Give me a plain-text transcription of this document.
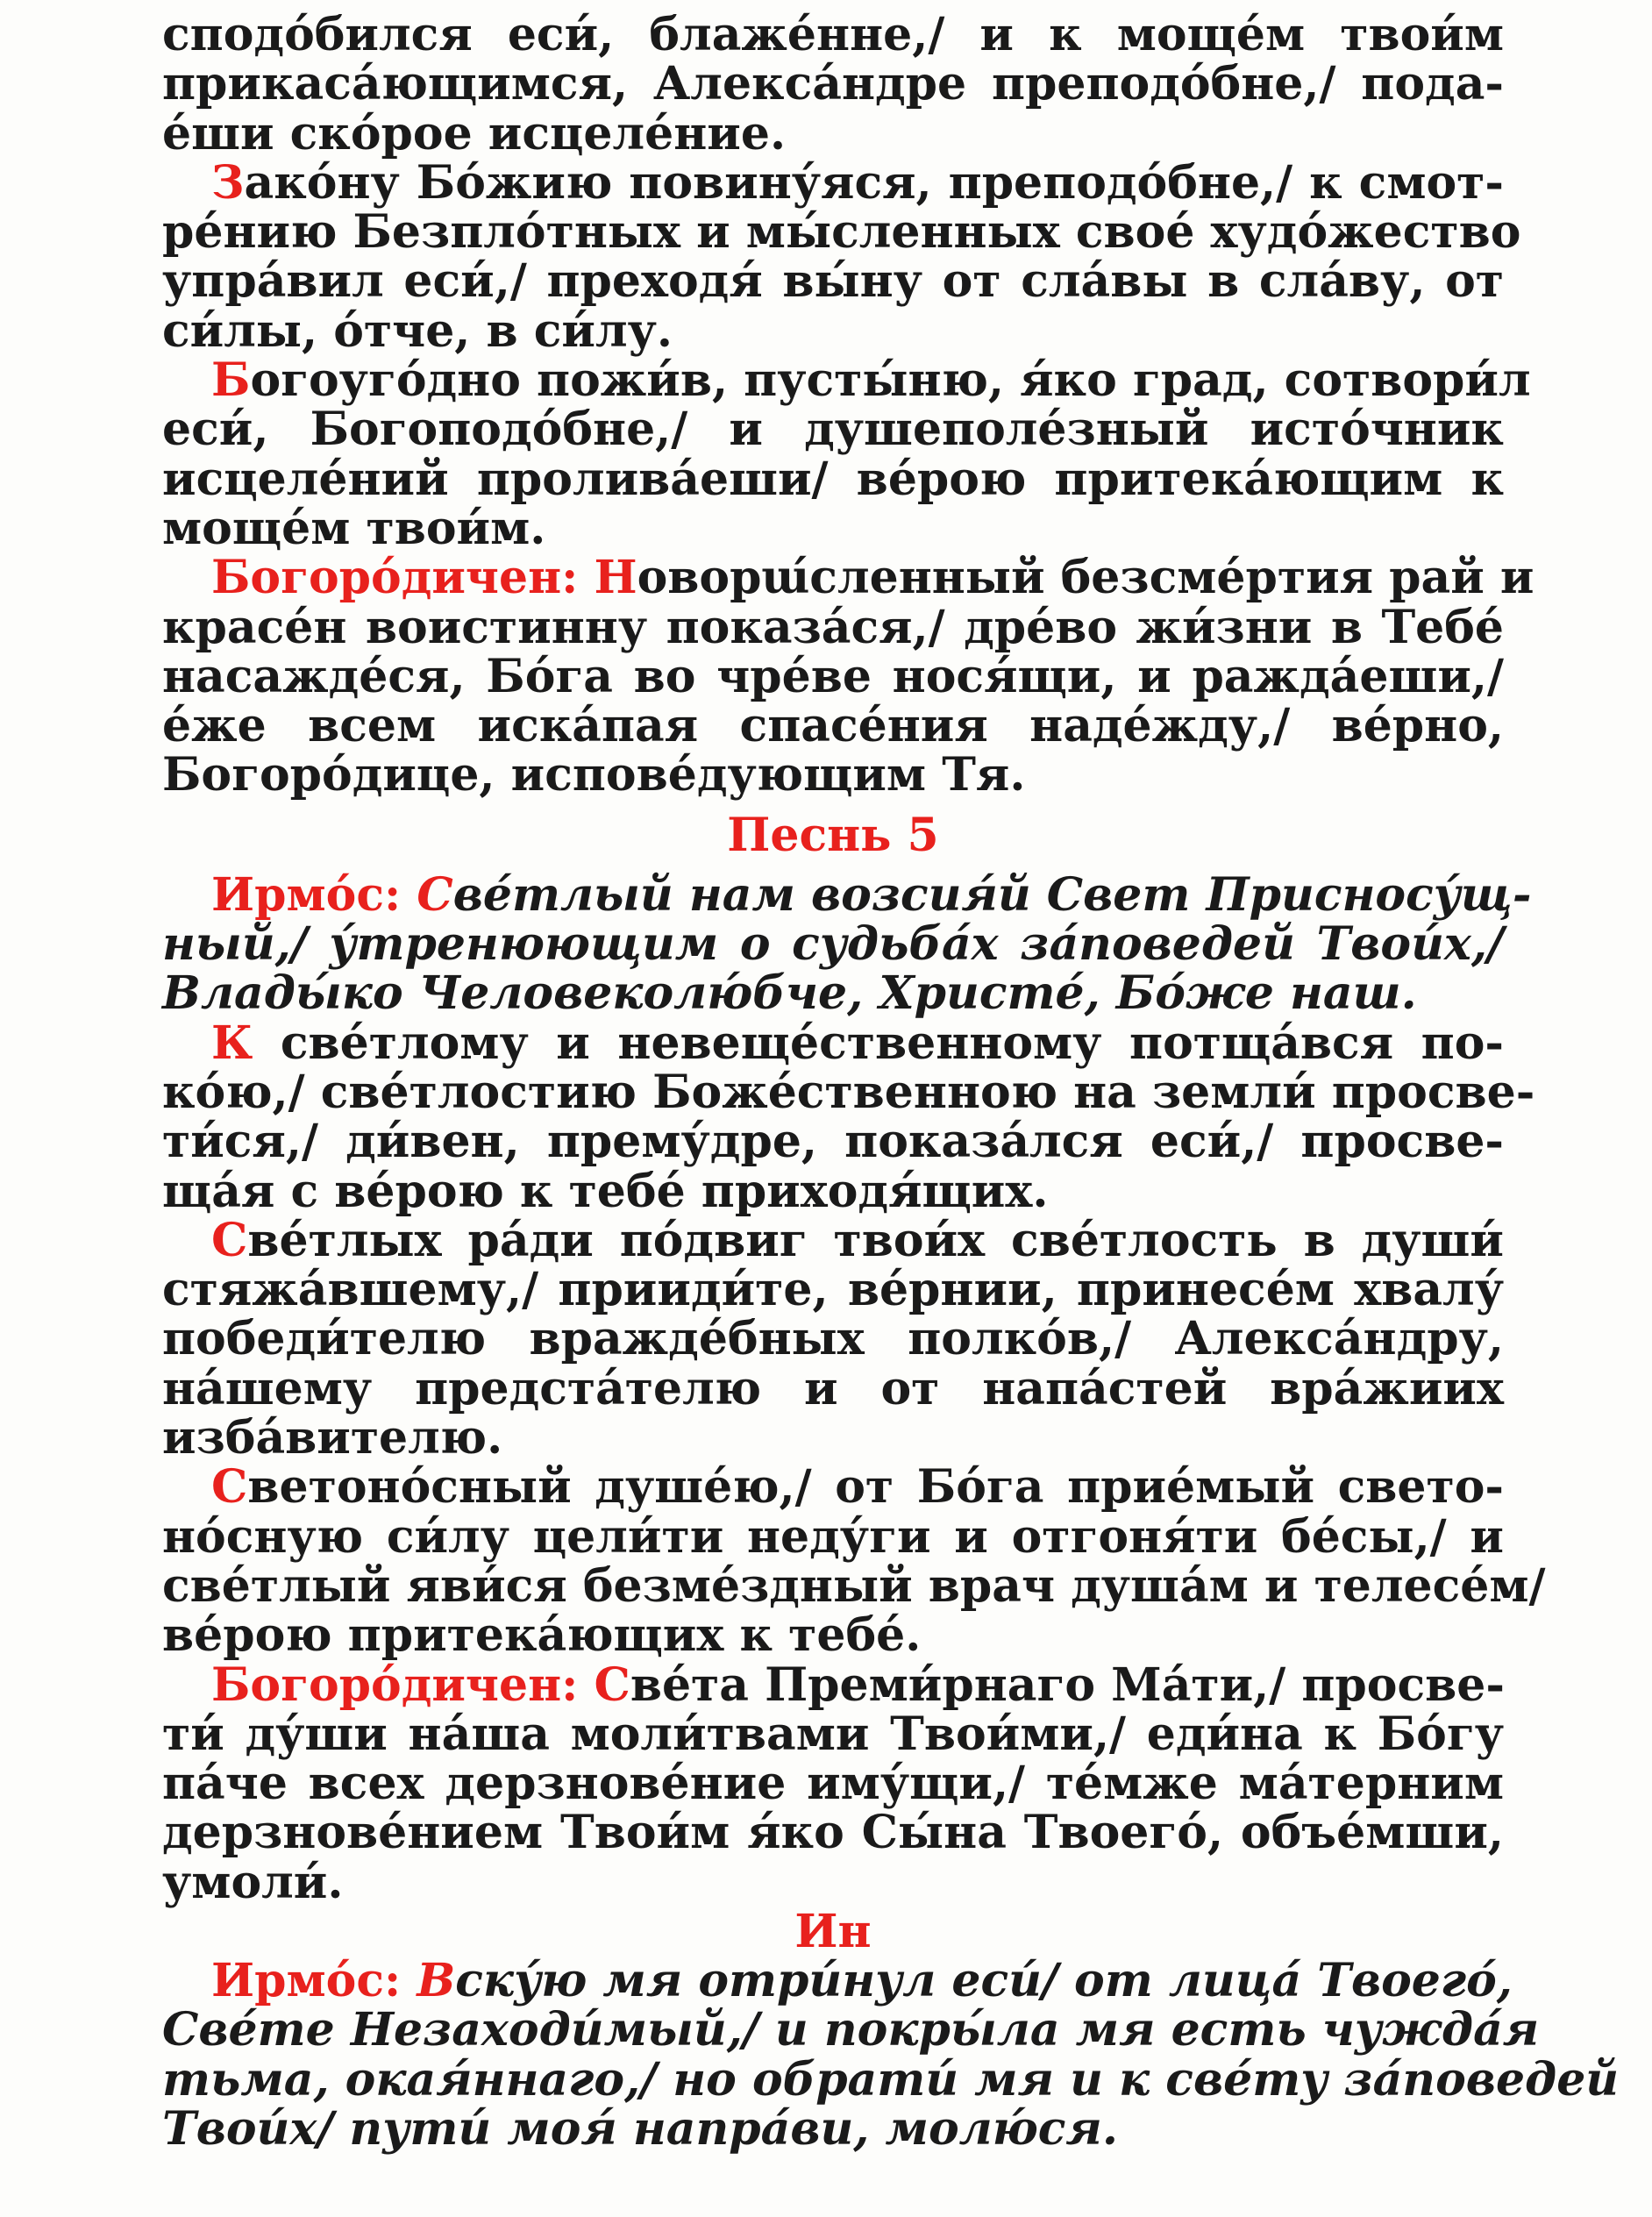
сподо́бился еси́, блаже́нне,/ и к моще́м твои́м
прикаса́ющимся, Алекса́ндре преподо́бне,/ пода-
е́ши ско́рое исцеле́ние.
Зако́ну Бо́жию повину́яся, преподо́бне,/ к смот-
ре́нию Безпло́тных и мы́сленных свое́ худо́жество
упра́вил еси́,/ преходя́ вы́ну от сла́вы в сла́ву, от
си́лы, о́тче, в си́лу.
Богоуго́дно пожи́в, пусты́ню, я́ко град, сотвори́л
еси́, Богоподо́бне,/ и душеполе́зный исто́чник
исцеле́ний пролива́еши/ ве́рою притека́ющим к
моще́м твои́м.
Богоро́дичен: Новорա́сленный безсме́ртия рай и
красе́н воистинну показа́ся,/ дре́во жи́зни в Тебе́
насажде́ся, Бо́га во чре́ве нося́щи, и ражда́еши,/
е́же всем иска́пая спасе́ния наде́жду,/ ве́рно,
Богоро́дице, испове́дующим Тя.
Песнь 5
Ирмо́с: Све́тлый нам возсия́й Свет Присносу́щ-
ный,/ у́тренюющим о судьба́х за́поведей Твои́х,/
Влады́ко Человеколю́бче, Христе́, Бо́же наш.
К све́тлому и невеще́ственному потща́вся по-
ко́ю,/ све́тлостию Боже́ственною на земли́ просве-
ти́ся,/ ди́вен, прему́дре, показа́лся еси́,/ просве-
ща́я с ве́рою к тебе́ приходя́щих.
Све́тлых ра́ди по́двиг твои́х све́тлость в души́
стяжа́вшему,/ прииди́те, ве́рнии, принесе́м хвалу́
победи́телю вражде́бных полко́в,/ Алекса́ндру,
на́шему предста́телю и от напа́стей вра́жиих
избáвителю.
Светоно́сный душе́ю,/ от Бо́га прие́мый свето-
но́сную си́лу цели́ти неду́ги и отгоня́ти бе́сы,/ и
све́тлый яви́ся безме́здный врач душа́м и телесе́м/
ве́рою притека́ющих к тебе́.
Богоро́дичен: Све́та Преми́рнаго Ма́ти,/ просве-
ти́ ду́ши на́ша моли́твами Твои́ми,/ еди́на к Бо́гу
па́че всех дерзнове́ние иму́щи,/ те́мже ма́терним
дерзнове́нием Твои́м я́ко Сы́на Твоего́, объе́мши,
умоли́.
Ин
Ирмо́с: Вску́ю мя отри́нул еси́/ от лица́ Твоего́,
Све́те Незаходи́мый,/ и покры́ла мя есть чужда́я
тьма, окая́ннаго,/ но обрати́ мя и к све́ту за́поведей
Твои́х/ пути́ моя́ напра́ви, молю́ся.
